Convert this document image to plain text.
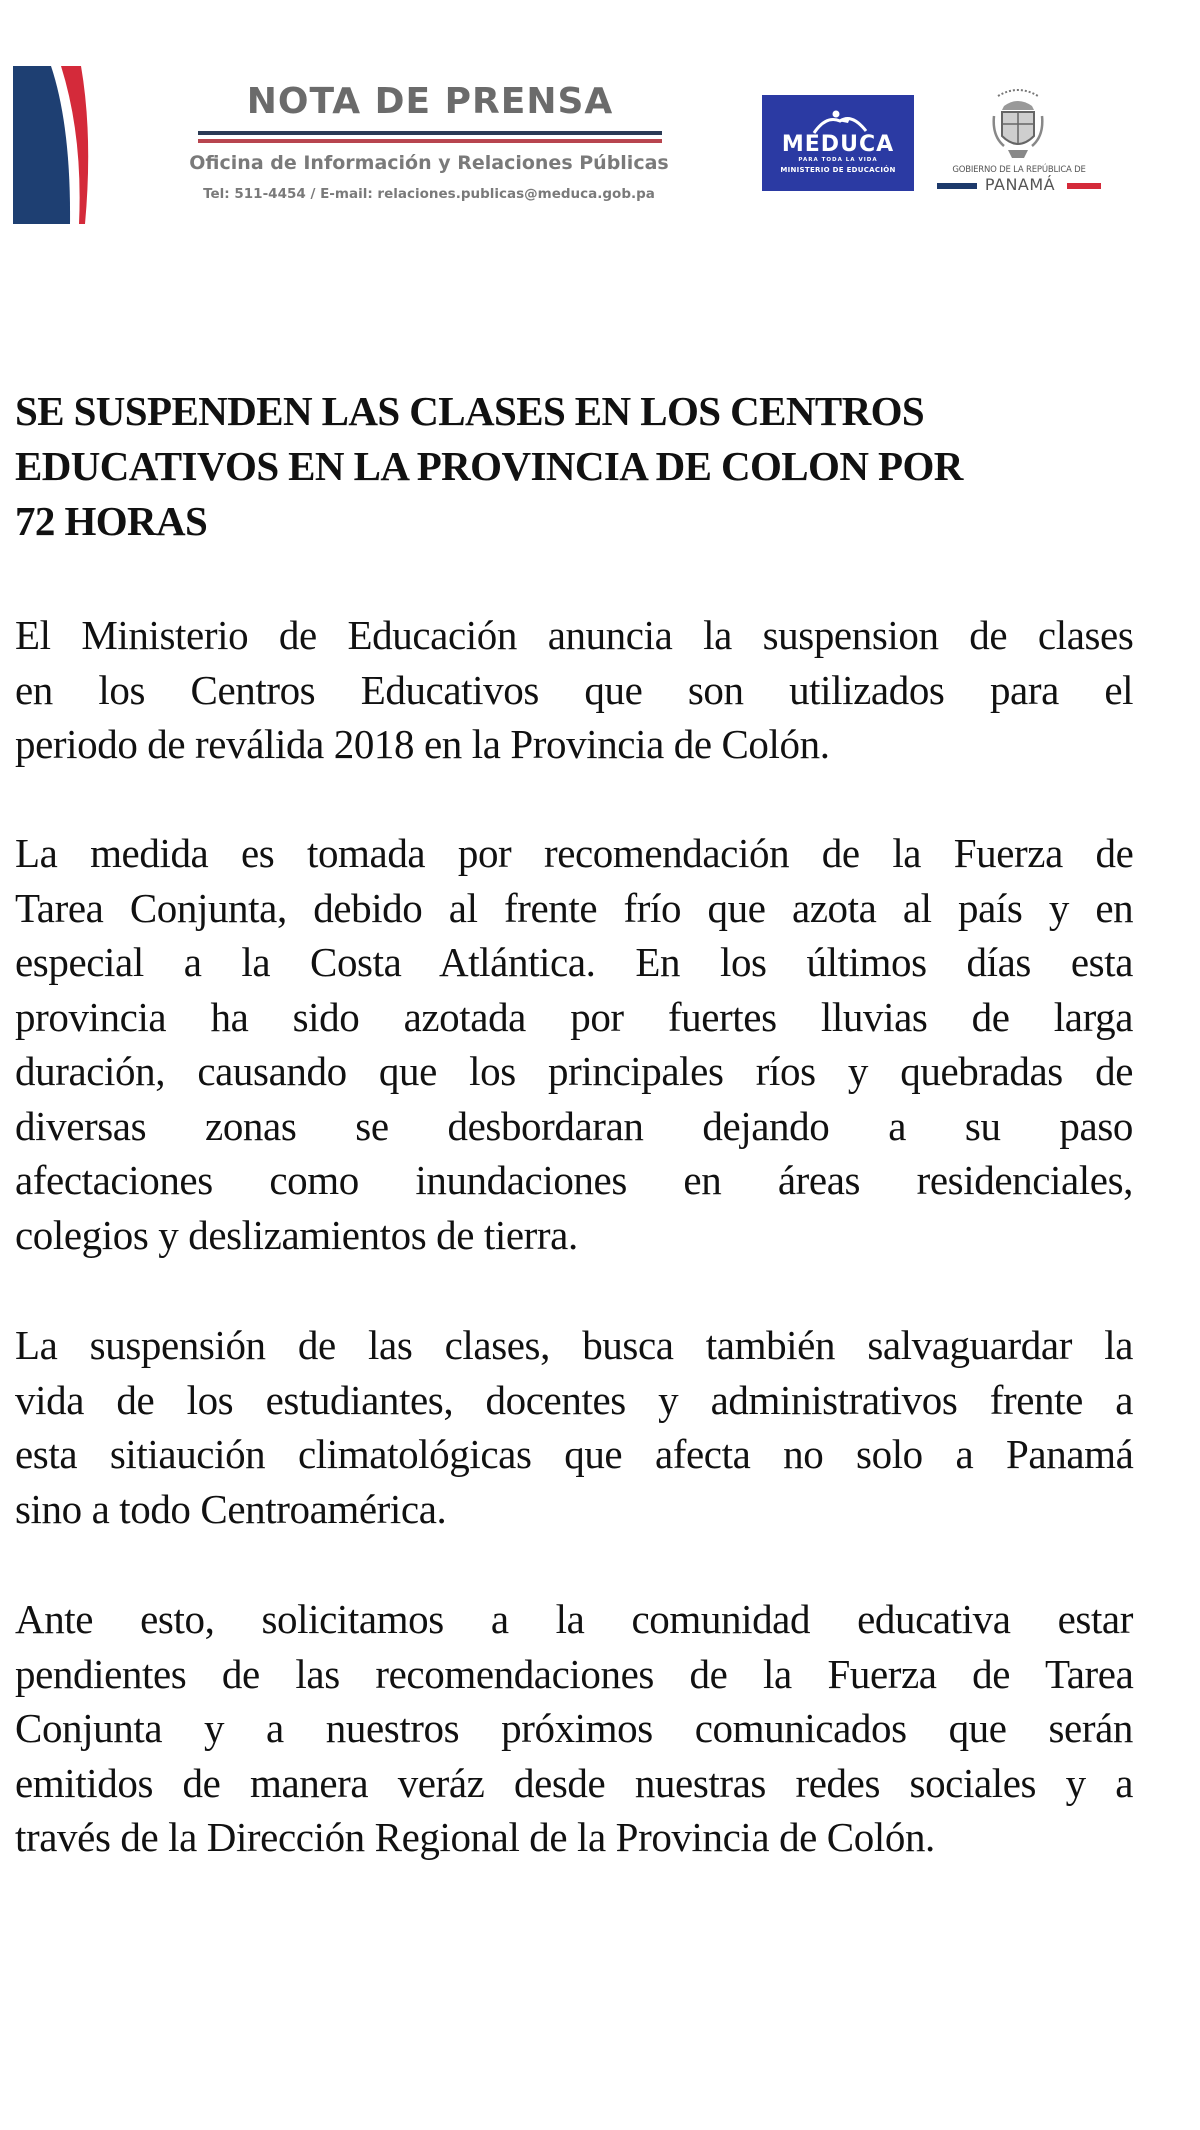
NOTA DE PRENSA
Oficina de Información y Relaciones Públicas
Tel: 511-4454 / E-mail: relaciones.publicas@meduca.gob.pa
MEDUCA
PARA TODA LA VIDA
MINISTERIO DE EDUCACIÓN	GOBIERNO DE LA REPÚBLICA DE
PANAMÁ
SE SUSPENDEN LAS CLASES EN LOS CENTROS
EDUCATIVOS EN LA PROVINCIA DE COLON POR
72 HORAS
El Ministerio de Educación anuncia la suspension de clases
en los Centros Educativos que son utilizados para el
periodo de reválida 2018 en la Provincia de Colón.
La medida es tomada por recomendación de la Fuerza de
Tarea Conjunta, debido al frente frío que azota al país y en
especial a la Costa Atlántica. En los últimos días esta
provincia ha sido azotada por fuertes lluvias de larga
duración, causando que los principales ríos y quebradas de
diversas zonas se desbordaran dejando a su paso
afectaciones como inundaciones en áreas residenciales,
colegios y deslizamientos de tierra.
La suspensión de las clases, busca también salvaguardar la
vida de los estudiantes, docentes y administrativos frente a
esta sitiaución climatológicas que afecta no solo a Panamá
sino a todo Centroamérica.
Ante esto, solicitamos a la comunidad educativa estar
pendientes de las recomendaciones de la Fuerza de Tarea
Conjunta y a nuestros próximos comunicados que serán
emitidos de manera veráz desde nuestras redes sociales y a
través de la Dirección Regional de la Provincia de Colón.
